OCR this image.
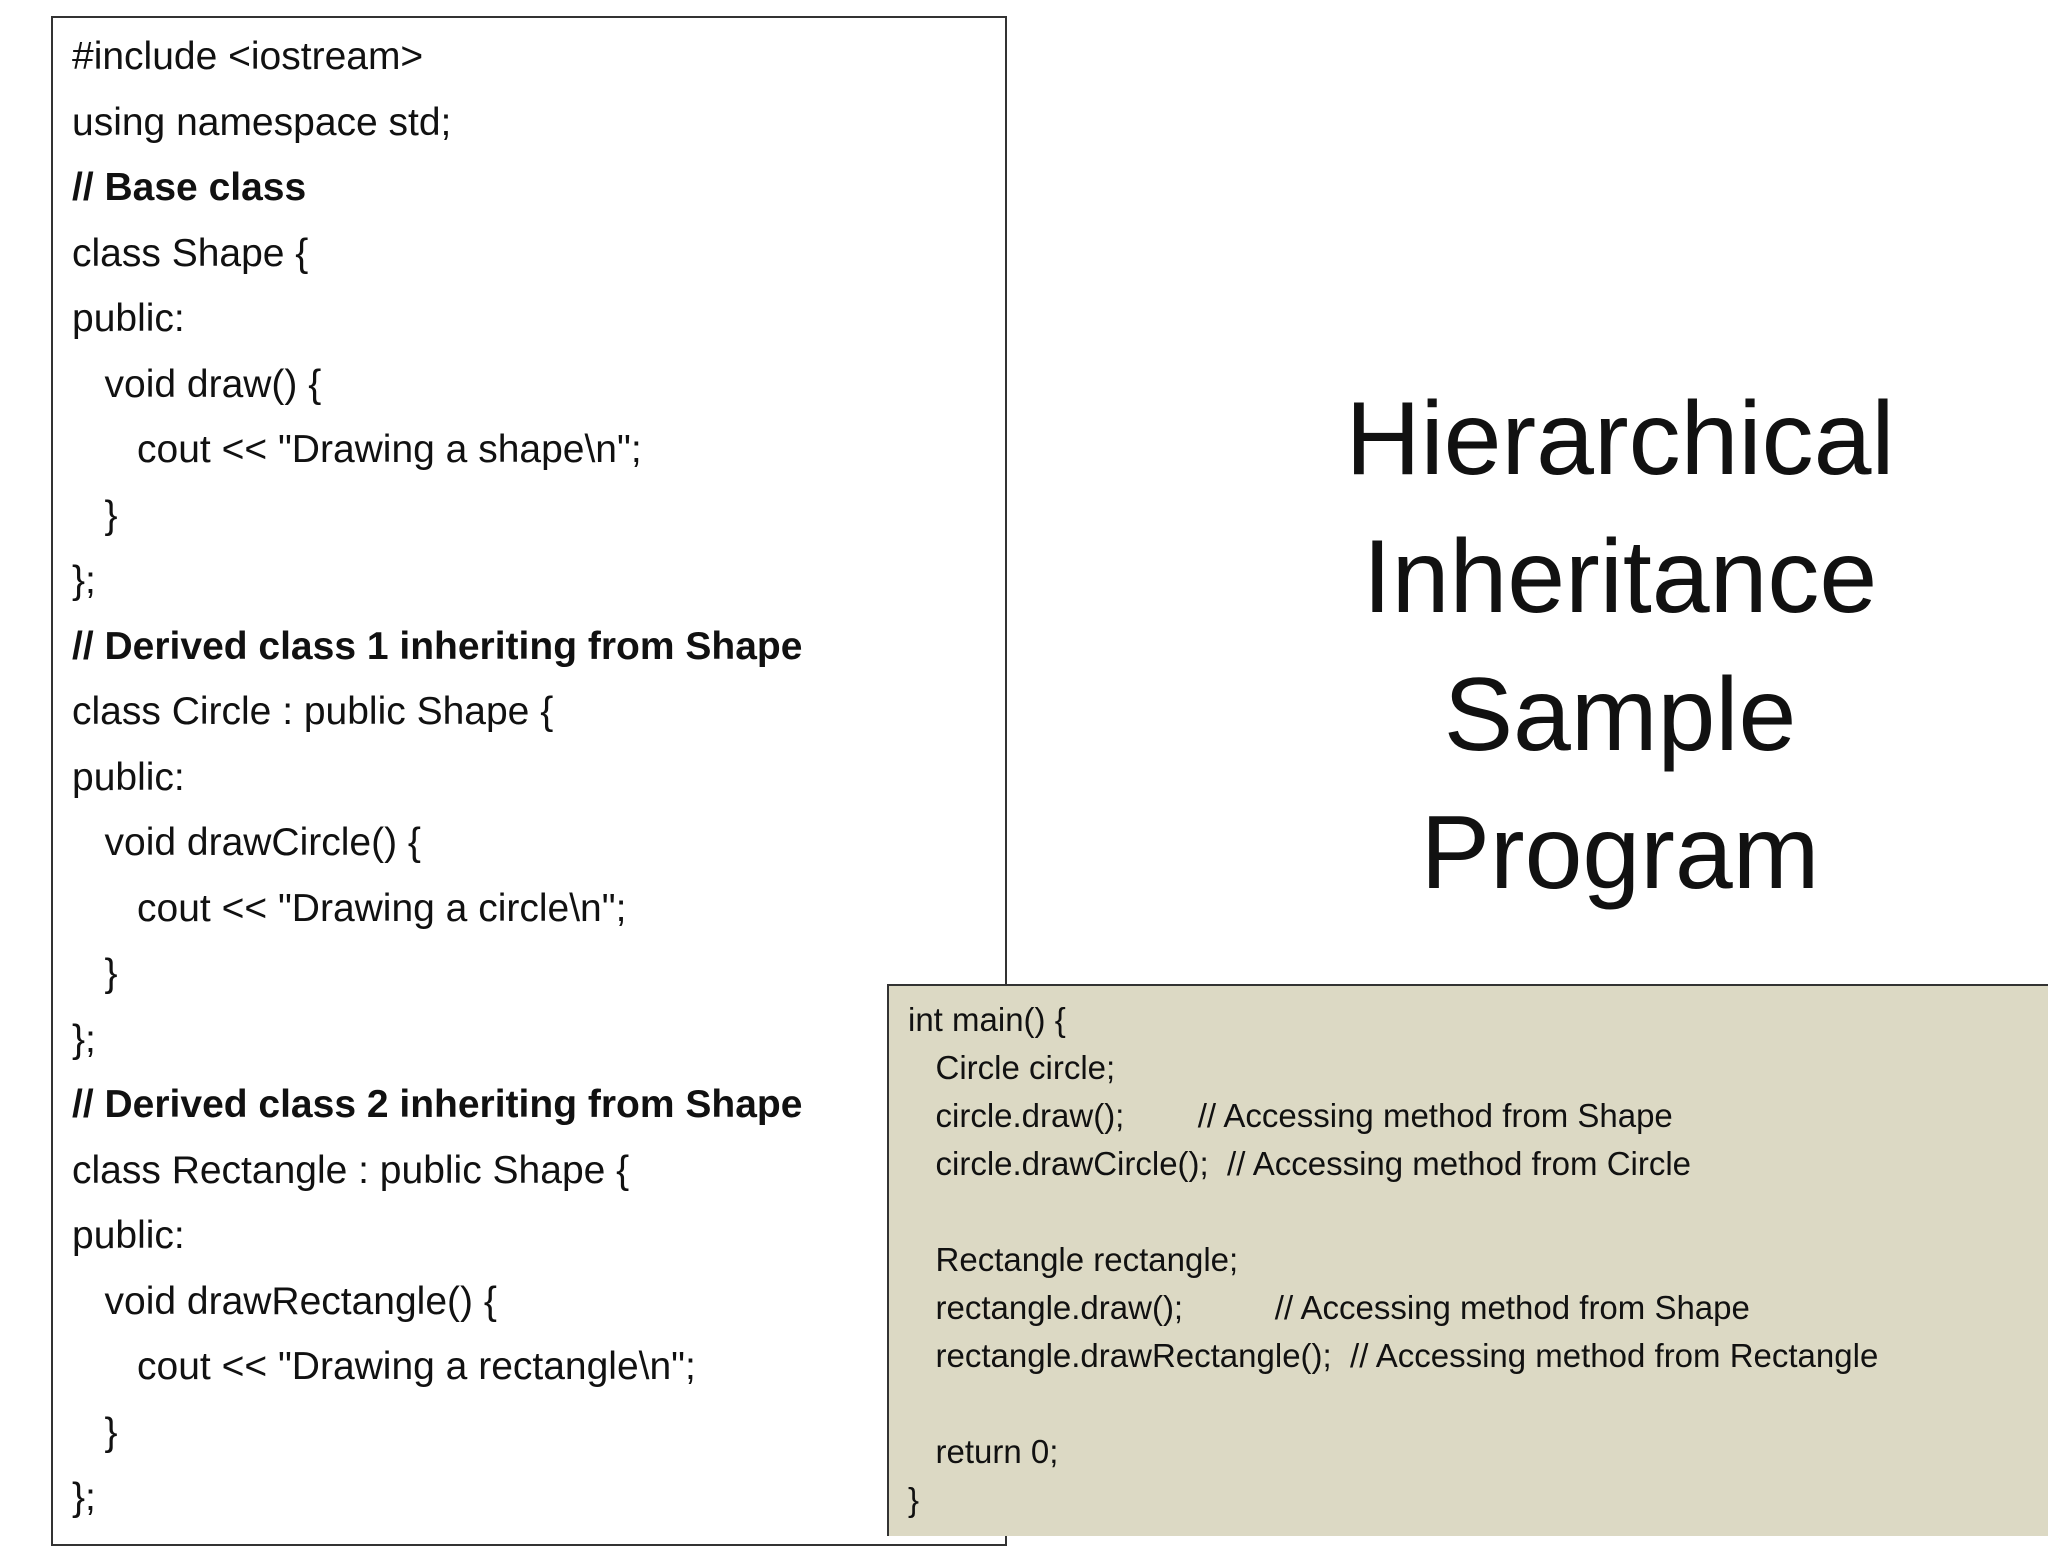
#include <iostream>
using namespace std;
// Base class
class Shape {
public:
void draw() {
cout << "Drawing a shape\n";
}
};
// Derived class 1 inheriting from Shape
class Circle : public Shape {
public:
void drawCircle() {
cout << "Drawing a circle\n";
}
};
// Derived class 2 inheriting from Shape
class Rectangle : public Shape {
public:
void drawRectangle() {
cout << "Drawing a rectangle\n";
}
};
Hierarchical
Inheritance
Sample
Program
int main() {
Circle circle;
circle.draw();        // Accessing method from Shape
circle.drawCircle();  // Accessing method from Circle
Rectangle rectangle;
rectangle.draw();          // Accessing method from Shape
rectangle.drawRectangle();  // Accessing method from Rectangle
return 0;
}
